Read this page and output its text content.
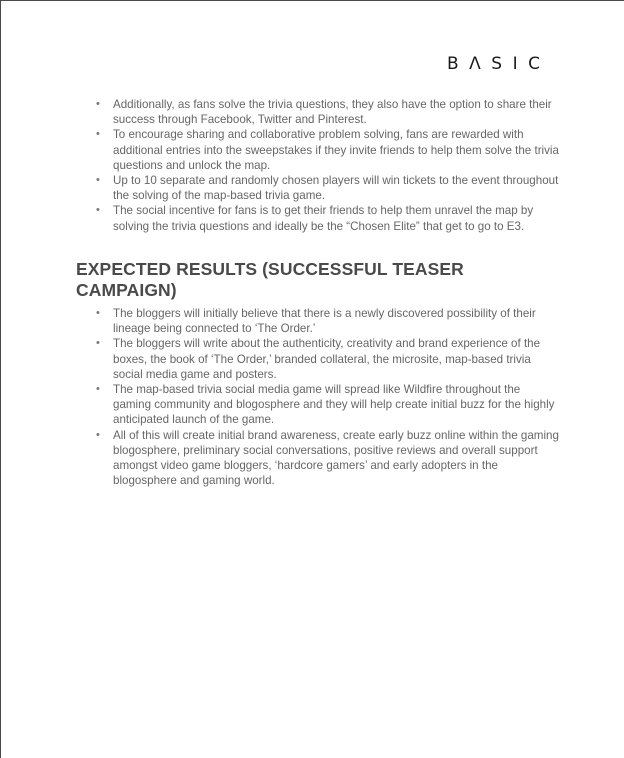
BΛSIC
• Additionally, as fans solve the trivia questions, they also have the option to share their success through Facebook, Twitter and Pinterest.
• To encourage sharing and collaborative problem solving, fans are rewarded with additional entries into the sweepstakes if they invite friends to help them solve the trivia questions and unlock the map.
• Up to 10 separate and randomly chosen players will win tickets to the event throughout the solving of the map-based trivia game.
• The social incentive for fans is to get their friends to help them unravel the map by solving the trivia questions and ideally be the “Chosen Elite” that get to go to E3.
EXPECTED RESULTS (SUCCESSFUL TEASER CAMPAIGN)
• The bloggers will initially believe that there is a newly discovered possibility of their lineage being connected to ‘The Order.’
• The bloggers will write about the authenticity, creativity and brand experience of the boxes, the book of ‘The Order,’ branded collateral, the microsite, map-based trivia social media game and posters.
• The map-based trivia social media game will spread like Wildfire throughout the gaming community and blogosphere and they will help create initial buzz for the highly anticipated launch of the game.
• All of this will create initial brand awareness, create early buzz online within the gaming blogosphere, preliminary social conversations, positive reviews and overall support amongst video game bloggers, ‘hardcore gamers’ and early adopters in the blogosphere and gaming world.
